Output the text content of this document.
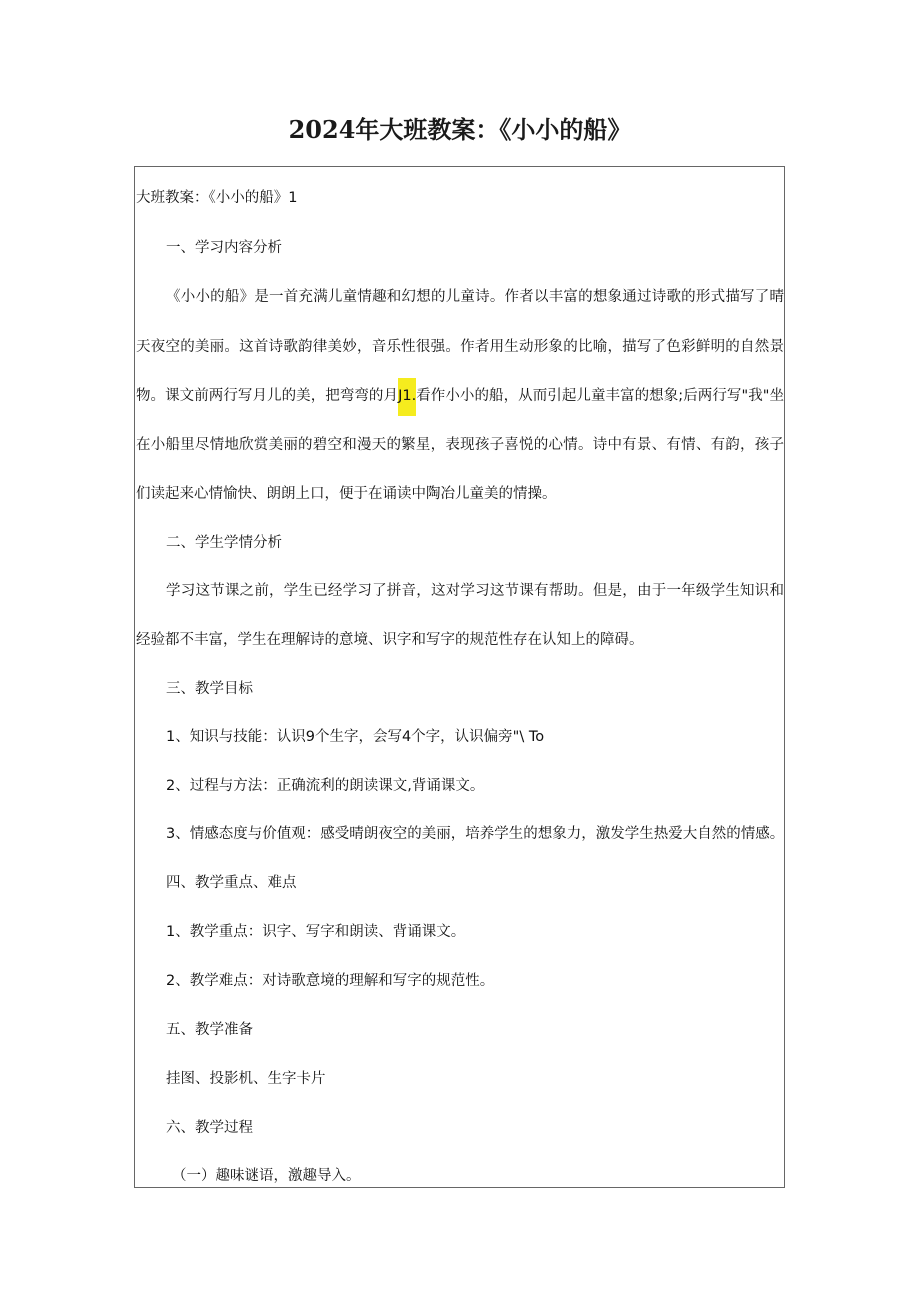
2024年大班教案：《小小的船》
大班教案：《小小的船》1
一、学习内容分析
《小小的船》是一首充满儿童情趣和幻想的儿童诗。作者以丰富的想象通过诗歌的形式描写了晴
天夜空的美丽。这首诗歌韵律美妙，音乐性很强。作者用生动形象的比喻，描写了色彩鲜明的自然景
物。课文前两行写月儿的美，把弯弯的月J1.看作小小的船，从而引起儿童丰富的想象;后两行写"我"坐
在小船里尽情地欣赏美丽的碧空和漫天的繁星，表现孩子喜悦的心情。诗中有景、有情、有韵，孩子
们读起来心情愉快、朗朗上口，便于在诵读中陶冶儿童美的情操。
二、学生学情分析
学习这节课之前，学生已经学习了拼音，这对学习这节课有帮助。但是，由于一年级学生知识和
经验都不丰富，学生在理解诗的意境、识字和写字的规范性存在认知上的障碍。
三、教学目标
1、知识与技能：认识9个生字，会写4个字，认识偏旁"\ To
2、过程与方法：正确流利的朗读课文,背诵课文。
3、情感态度与价值观：感受晴朗夜空的美丽，培养学生的想象力，激发学生热爱大自然的情感。
四、教学重点、难点
1、教学重点：识字、写字和朗读、背诵课文。
2、教学难点：对诗歌意境的理解和写字的规范性。
五、教学准备
挂图、投影机、生字卡片
六、教学过程
（一）趣味谜语，激趣导入。
